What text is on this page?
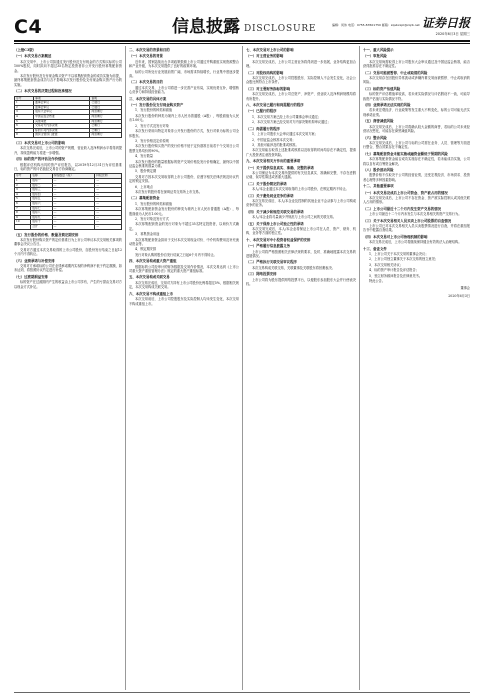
C4	信息披露 DISCLOSURE	编辑：何伟 电话：0755-83501750 邮箱：zqsbxxpl@zqrb.net 证券日报
2020年6月3日 星期三

（上接C3版）

（一）本次交易方案概述

本次交易中，上市公司拟通过发行股份及支付现金的方式购买标的公司100%股权，同时拟向不超过35名特定投资者非公开发行股份募集配套资金。

本次发行股份及支付现金购买资产不以募集配套资金的成功实施为前提，最终募集配套资金成功与否不影响本次发行股份及支付现金购买资产行为的实施。

（二）本次交易的决策过程和批准情况

序号	事项	说明
1	董事会审议	已通过
2	监事会审议	已通过
3	股东大会审议	尚需履行
4	中国证监会核准	尚需履行
5	其他审批	尚需履行
6	交易对方内部决策	已履行
7	标的公司内部决策	已履行
8	国资主管部门批准	尚需履行

（三）本次交易对上市公司的影响

本次交易完成后，上市公司的资产规模、营业收入及净利润水平将得到提升，持续盈利能力将进一步增强。

（四）标的资产的评估及作价情况

根据评估机构出具的资产评估报告，以2019年12月31日为评估基准日，标的资产的评估值经交易各方协商确定。

序号	名称	持股数量（股）	持股比例
1	股东一	—	—
2	股东二	—	—
3	股东三	—	—
4	股东四	—	—
5	股东五	—	—
6	股东六	—	—
7	股东七	—	—
8	股东八	—	—
9	股东九	—	—
10	股东十	—	—
	合计	—	—

（五）发行股份的价格、数量及锁定期安排

本次发行股份购买资产的定价基准日为上市公司审议本次交易相关事项的董事会决议公告日。

交易对方通过本次交易取得的上市公司股份，自股份发行结束之日起12个月内不得转让。

（六）业绩承诺与补偿安排

交易对方承诺标的公司在业绩承诺期内实现的净利润不低于约定数额，如未达到，将按照协议约定进行补偿。

（七）过渡期损益安排

标的资产在过渡期内产生的收益由上市公司享有，产生的亏损由交易对方以现金方式补足。

二、本次交易的背景和目的

（一）本次交易的背景

近年来，国家陆续出台多项政策鼓励上市公司通过并购重组实现资源整合和产业升级，为本次交易提供了良好的政策环境。

标的公司所处行业发展前景广阔，市场需求持续增长，行业集中度逐步提高。

（二）本次交易的目的

通过本次交易，上市公司将进一步完善产业布局，实现优势互补，增强核心竞争力和持续经营能力。

三、本次交易的具体方案

（一）发行股份及支付现金购买资产

1、发行股份的种类和面值

本次发行股份的种类为境内上市人民币普通股（A股），每股面值为人民币1.00元。

2、发行方式及发行对象

本次发行采用向特定对象非公开发行股份的方式，发行对象为标的公司全体股东。

3、发行价格及定价原则

本次发行股份购买资产的发行价格不低于定价基准日前若干个交易日公司股票交易均价的90%。

4、发行数量

本次发行股份的数量根据标的资产交易价格及发行价格确定，最终以中国证监会核准的数量为准。

5、股份锁定期

交易对方因本次交易取得的上市公司股份，应遵守相关法律法规及协议约定的锁定安排。

6、上市地点

本次发行的股份将在深圳证券交易所上市交易。

（二）募集配套资金

1、发行股份的种类和面值

本次募集配套资金发行股份的种类为境内上市人民币普通股（A股），每股面值为人民币1.00元。

2、发行对象及发行方式

本次募集配套资金的发行对象为不超过35名特定投资者，以询价方式确定。

3、募集资金用途

本次募集配套资金拟用于支付本次交易现金对价、中介机构费用及补充流动资金等。

4、锁定期安排

发行对象认购的股份自发行结束之日起6个月内不得转让。

四、本次交易构成重大资产重组

根据标的公司经审计的财务数据及交易作价情况，本次交易达到《上市公司重大资产重组管理办法》规定的重大资产重组标准。

五、本次交易构成关联交易

本次交易完成后，交易对方持有上市公司股份比例将超过5%，根据相关规定，本次交易构成关联交易。

六、本次交易不构成重组上市

本次交易前后，上市公司控股股东及实际控制人均未发生变化，本次交易不构成重组上市。

七、本次交易对上市公司的影响

（一）对主营业务的影响

本次交易完成后，上市公司主营业务将得到进一步拓展，业务结构更加合理。

（二）对股权结构的影响

本次交易完成后，上市公司控股股东、实际控制人不会发生变化，社会公众股比例符合上市条件。

（三）对主要财务指标的影响

本次交易完成后，上市公司总资产、净资产、营业收入及净利润规模均将有所提升。

八、本次交易已履行和尚需履行的程序

（一）已履行的程序

1、本次交易方案已经上市公司董事会审议通过；

2、本次交易方案已经交易对方内部决策机构审议通过；

（二）尚需履行的程序

1、上市公司股东大会审议通过本次交易方案；

2、中国证监会核准本次交易；

3、其他可能涉及的批准或核准。

本次交易能否取得上述批准或核准以及取得的时间均存在不确定性，提请广大投资者注意投资风险。

九、本次交易相关方作出的重要承诺

（一）关于提供信息真实、准确、完整的承诺

本公司保证为本次交易所提供的有关信息真实、准确和完整，不存在虚假记载、误导性陈述或者重大遗漏。

（二）关于股份锁定的承诺

本人/本企业通过本次交易取得的上市公司股份，在锁定期内不转让。

（三）关于避免同业竞争的承诺

本次交易完成后，本人/本企业及控制的其他企业不会从事与上市公司构成竞争的业务。

（四）关于减少和规范关联交易的承诺

本人/本企业将尽量减少并规范与上市公司之间的关联交易。

（五）关于保持上市公司独立性的承诺

本次交易完成后，本人/本企业将保证上市公司在人员、资产、财务、机构、业务等方面的独立性。

十、本次交易对中小投资者权益保护的安排

（一）严格履行信息披露义务

上市公司将严格按照相关法律法规的要求，及时、准确地披露本次交易的进展情况。

（二）严格执行关联交易审议程序

本次交易构成关联交易，关联董事及关联股东将回避表决。

（三）网络投票安排

上市公司将为股东提供网络投票平台，以便股东参加股东大会并行使表决权。

十一、重大风险提示

（一）审批风险

本次交易尚需取得上市公司股东大会审议通过及中国证监会核准，能否获得批准存在不确定性。

（二）交易可能被暂停、中止或取消的风险

本次交易存在因股价异常波动或涉嫌内幕交易而被暂停、中止或取消的风险。

（三）标的资产估值风险

标的资产评估增值率较高，若未来实际情况与评估假设不一致，可能导致资产估值与实际情况不符。

（四）业绩承诺无法实现的风险

若未来宏观经济、行业政策等发生重大不利变化，标的公司可能无法实现承诺业绩。

（五）商誉减值风险

本次交易完成后，上市公司将确认较大金额的商誉，若标的公司未来经营状况恶化，可能存在商誉减值风险。

（六）整合风险

本次交易完成后，上市公司与标的公司需在业务、人员、管理等方面进行整合，整合效果存在不确定性。

（七）募集配套资金未能实施或融资金额低于预期的风险

本次募集配套资金能否成功实施存在不确定性，若未能成功实施，公司将以自有或自筹资金解决。

（八）股价波动风险

股票价格不仅取决于公司的经营业绩，还受宏观经济、市场供求、投资者心理等多种因素影响。

十二、其他重要事项

（一）本次交易完成后上市公司资金、资产被占用的情况

本次交易完成后，上市公司不存在资金、资产被实际控制人或其他关联人占用的情形。

（二）上市公司最近十二个月内发生资产交易的情况

上市公司最近十二个月内未发生与本次交易相关的资产交易行为。

（三）关于本次交易相关人员买卖上市公司股票的自查情况

上市公司已对本次交易相关人员买卖股票情况进行自查，并将在重组报告书中披露自查结果。

（四）本次交易对上市公司治理机制的影响

本次交易完成后，上市公司将继续保持健全有效的法人治理结构。

十三、备查文件

1、上市公司关于本次交易的董事会决议；

2、上市公司独立董事关于本次交易的独立意见；

3、本次交易相关协议；

4、标的资产审计报告及评估报告；

5、独立财务顾问报告及法律意见书。

特此公告。

董事会
2020年6月3日
